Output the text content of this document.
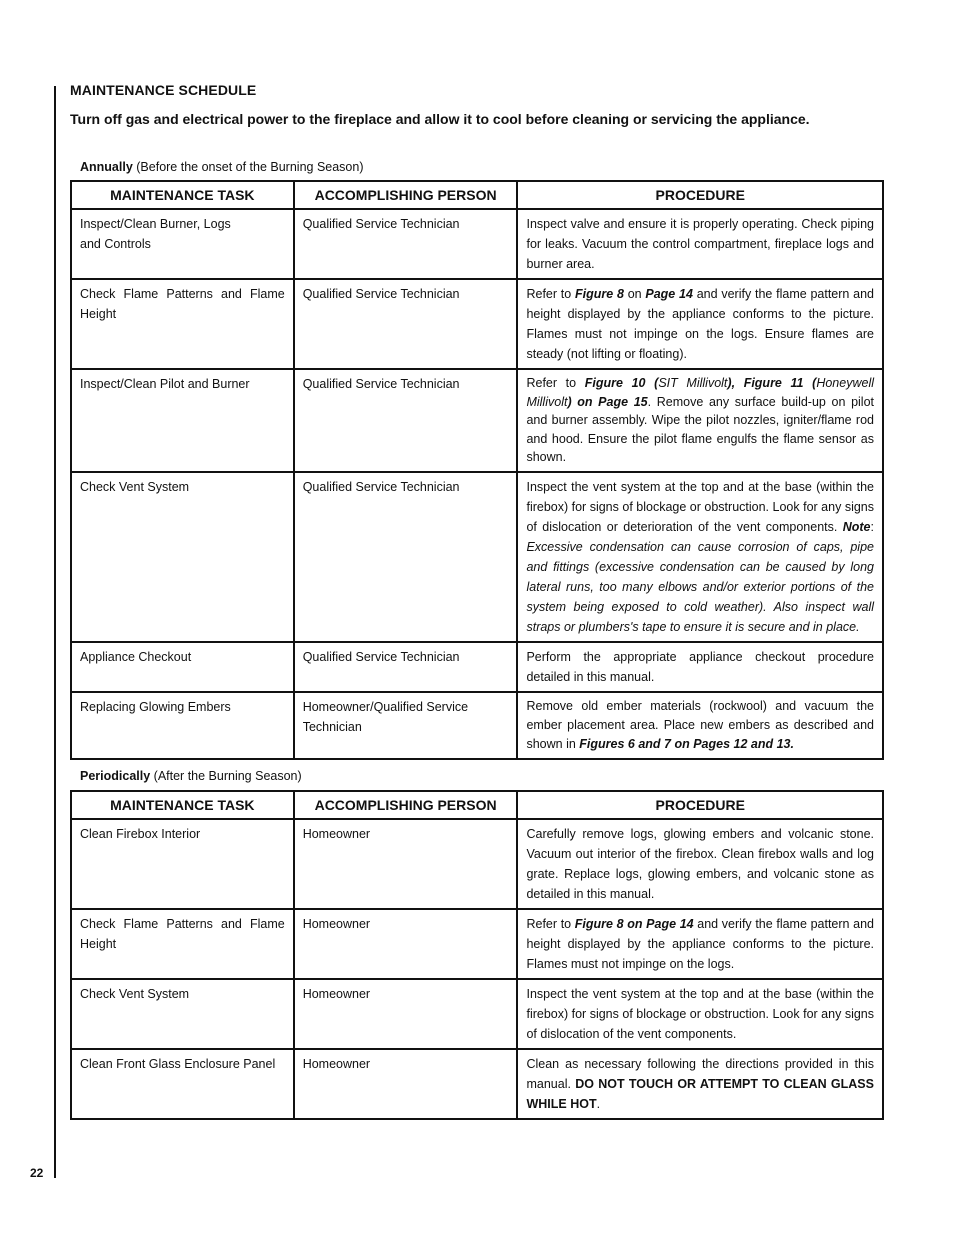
MAINTENANCE SCHEDULE
Turn off gas and electrical power to the fireplace and allow it to cool before cleaning or servicing the appliance.
Annually (Before the onset of the Burning Season)
MAINTENANCE TASK	ACCOMPLISHING PERSON	PROCEDURE
Inspect/Clean Burner, Logs and Controls	Qualified Service Technician	Inspect valve and ensure it is properly operating. Check piping for leaks. Vacuum the control compartment, fireplace logs and burner area.
Check Flame Patterns and Flame Height	Qualified Service Technician	Refer to Figure 8 on Page 14 and verify the flame pattern and height displayed by the appliance conforms to the picture. Flames must not impinge on the logs. Ensure flames are steady (not lifting or floating).
Inspect/Clean Pilot and Burner	Qualified Service Technician	Refer to Figure 10 (SIT Millivolt), Figure 11 (Honeywell Millivolt) on Page 15. Remove any surface build-up on pilot and burner assembly. Wipe the pilot nozzles, igniter/flame rod and hood. Ensure the pilot flame engulfs the flame sensor as shown.
Check Vent System	Qualified Service Technician	Inspect the vent system at the top and at the base (within the firebox) for signs of blockage or obstruction. Look for any signs of dislocation or deterioration of the vent components. Note: Excessive condensation can cause corrosion of caps, pipe and fittings (excessive condensation can be caused by long lateral runs, too many elbows and/or exterior portions of the system being exposed to cold weather). Also inspect wall straps or plumbers's tape to ensure it is secure and in place.
Appliance Checkout	Qualified Service Technician	Perform the appropriate appliance checkout procedure detailed in this manual.
Replacing Glowing Embers	Homeowner/Qualified Service Technician	Remove old ember materials (rockwool) and vacuum the ember placement area. Place new embers as described and shown in Figures 6 and 7 on Pages 12 and 13.
Periodically (After the Burning Season)
MAINTENANCE TASK	ACCOMPLISHING PERSON	PROCEDURE
Clean Firebox Interior	Homeowner	Carefully remove logs, glowing embers and volcanic stone. Vacuum out interior of the firebox. Clean firebox walls and log grate. Replace logs, glowing embers, and volcanic stone as detailed in this manual.
Check Flame Patterns and Flame Height	Homeowner	Refer to Figure 8 on Page 14 and verify the flame pattern and height displayed by the appliance conforms to the picture. Flames must not impinge on the logs.
Check Vent System	Homeowner	Inspect the vent system at the top and at the base (within the firebox) for signs of blockage or obstruction. Look for any signs of dislocation of the vent components.
Clean Front Glass Enclosure Panel	Homeowner	Clean as necessary following the directions provided in this manual. DO NOT TOUCH OR ATTEMPT TO CLEAN GLASS WHILE HOT.
22
